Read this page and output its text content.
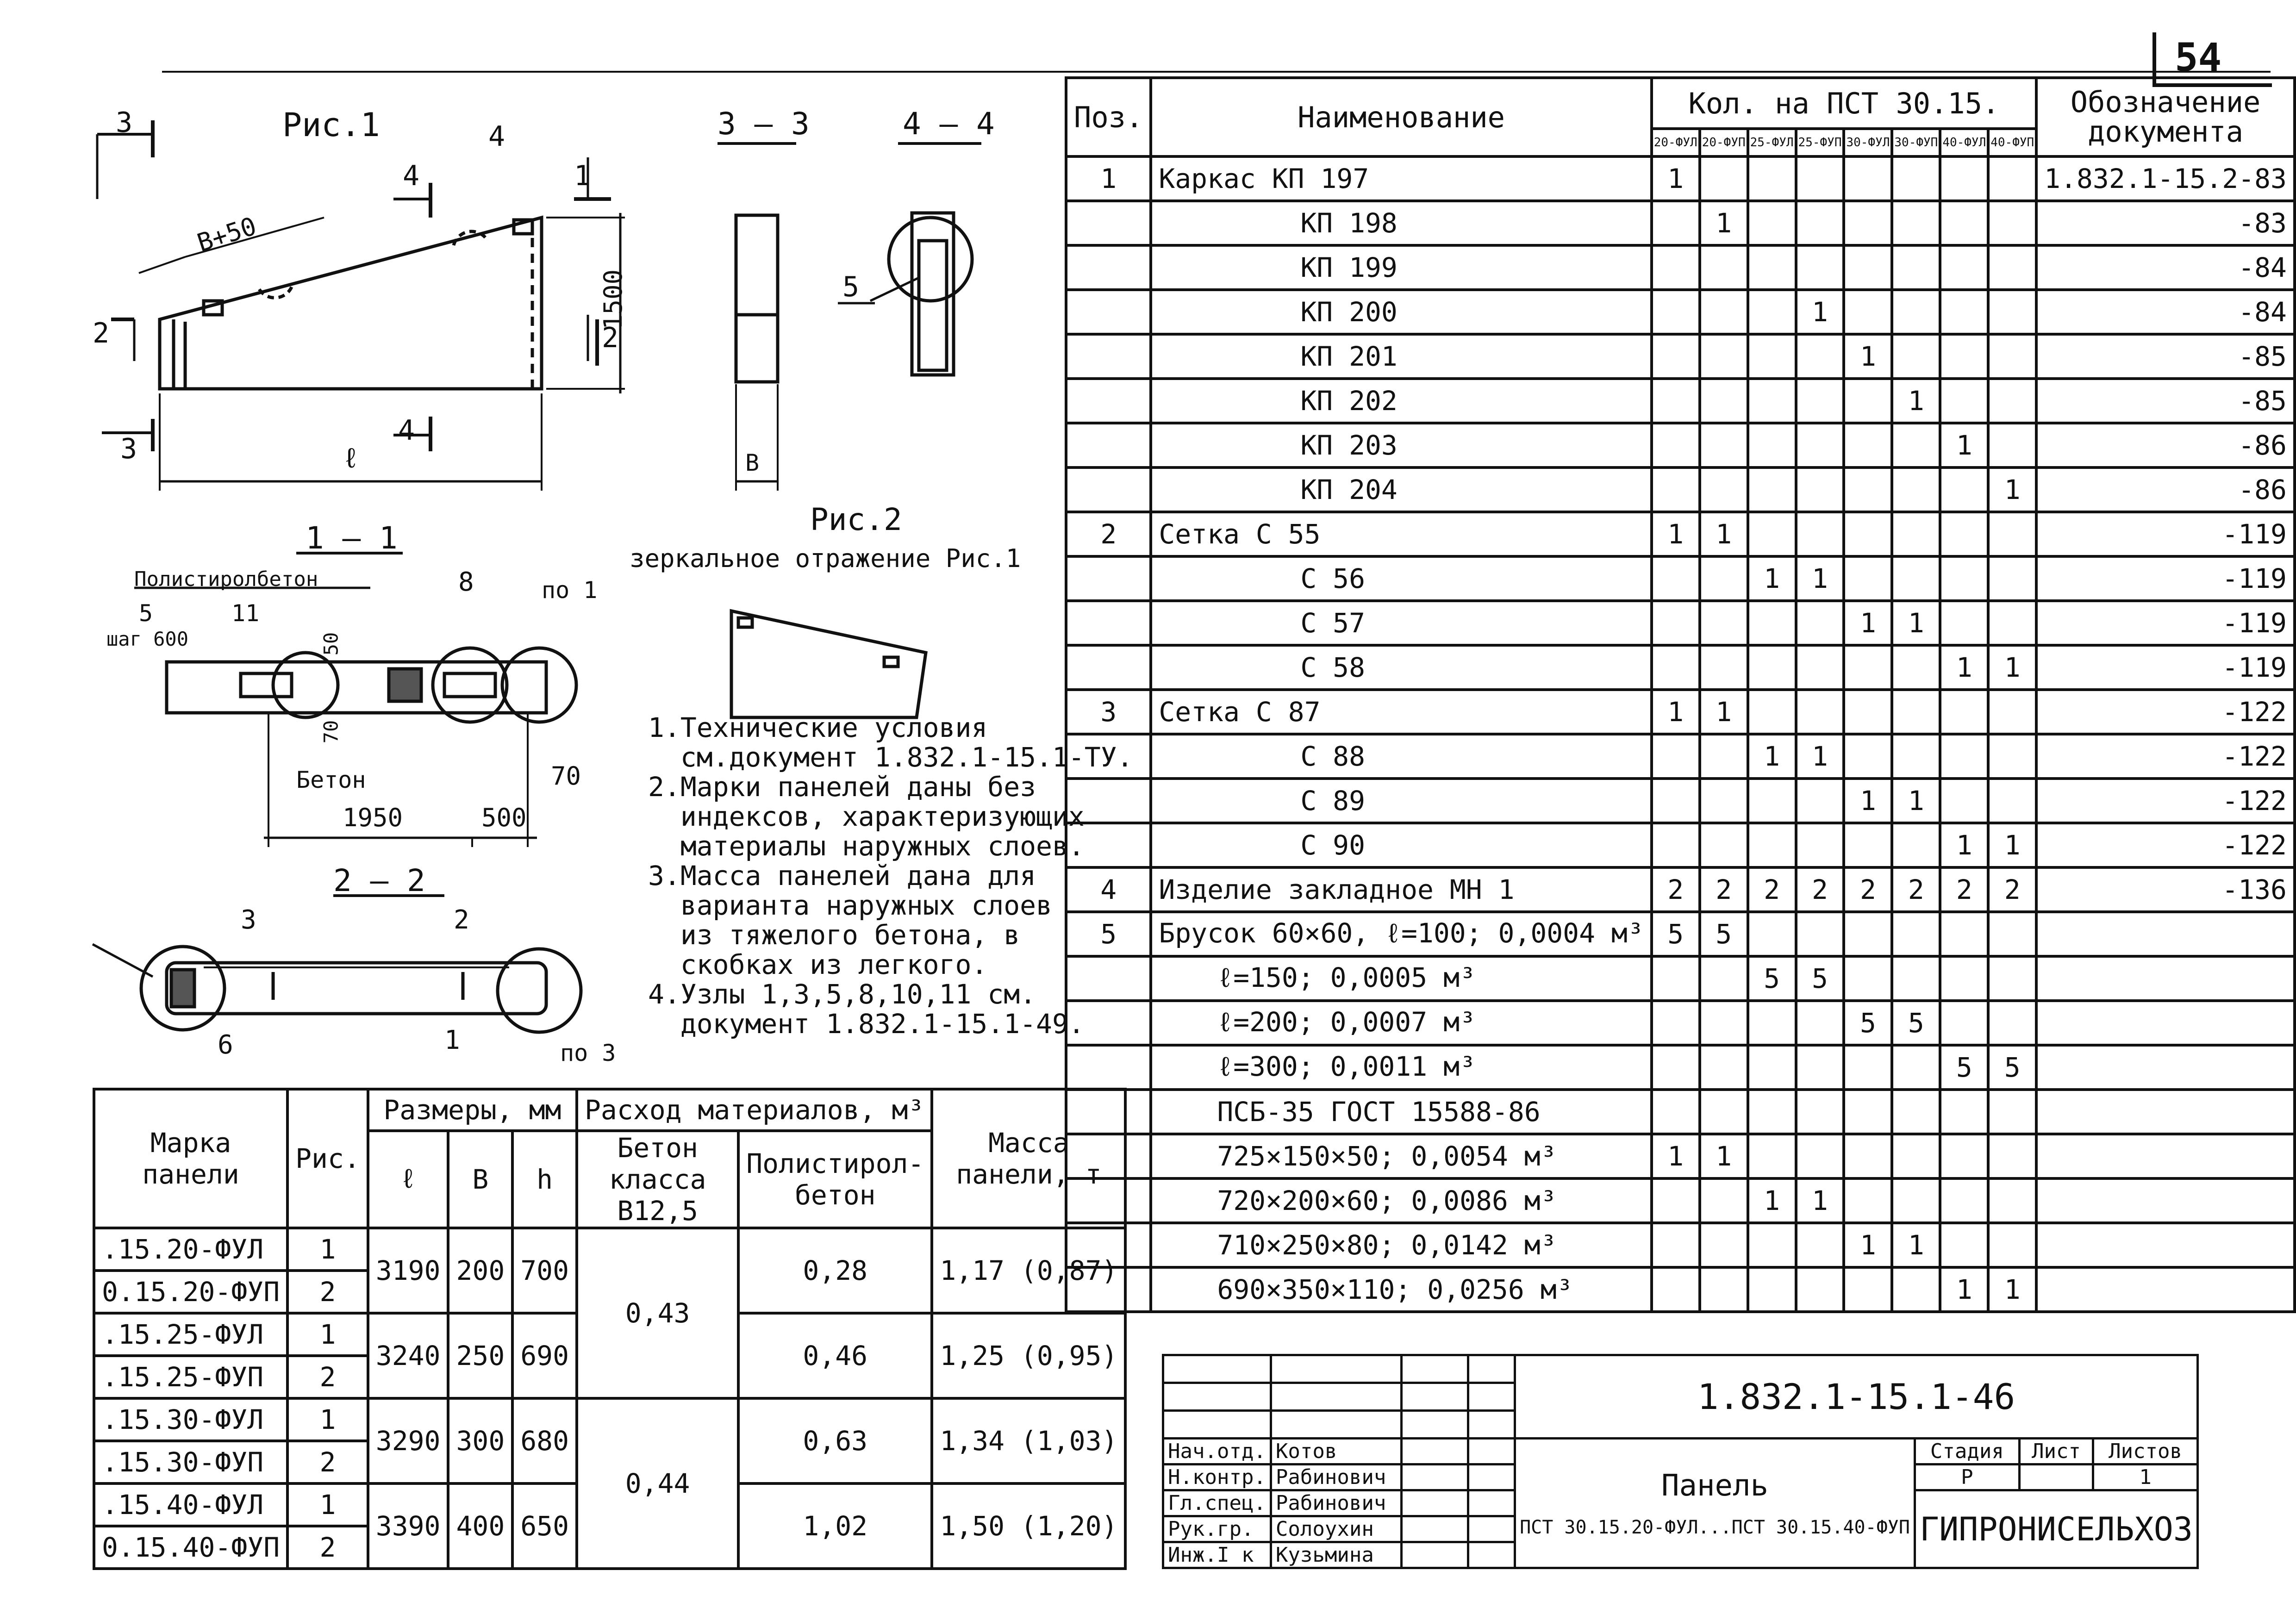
54
Рис.1
3
4	1
2	2
3
4
4
В+50
1500
ℓ
3 — 3
В
4 — 4
5
Рис.2
зеркальное отражение Рис.1
1 — 1
Полистиролбетон
5	11
шаг 600
8	по 1
50
70
Бетон
1950	500
70
2 — 2
3	2
6	1	по 3
1.Технические условия
см.документ 1.832.1-15.1-ТУ.
2.Марки панелей даны без
индексов, характеризующих
материалы наружных слоев.
3.Масса панелей дана для
варианта наружных слоев
из тяжелого бетона, в
скобках из легкого.
4.Узлы 1,3,5,8,10,11 см.
документ 1.832.1-15.1-49.
Поз.	Наименование	Кол. на ПСТ 30.15.								Обозначение документа
		20-ФУЛ	20-ФУП	25-ФУЛ	25-ФУП	30-ФУЛ	30-ФУП	40-ФУЛ	40-ФУП	
1	Каркас КП 197	1								1.832.1-15.2-83
	КП 198		1							-83
	КП 199									-84
	КП 200				1					-84
	КП 201					1				-85
	КП 202						1			-85
	КП 203							1		-86
	КП 204								1	-86
2	Сетка С 55	1	1							-119
	С 56			1	1					-119
	С 57					1	1			-119
	С 58							1	1	-119
3	Сетка С 87	1	1							-122
	С 88			1	1					-122
	С 89					1	1			-122
	С 90							1	1	-122
4	Изделие закладное МН 1	2	2	2	2	2	2	2	2	-136
5	Брусок 60×60, ℓ=100; 0,0004 м³	5	5							
	ℓ=150; 0,0005 м³			5	5					
	ℓ=200; 0,0007 м³					5	5			
	ℓ=300; 0,0011 м³							5	5	
	ПСБ-35 ГОСТ 15588-86									
	725×150×50; 0,0054 м³	1	1							
	720×200×60; 0,0086 м³			1	1					
	710×250×80; 0,0142 м³					1	1			
	690×350×110; 0,0256 м³							1	1	
Марка панели	Рис.	Размеры, мм			Расход материалов, м³		Масса панели, т
		ℓ	В	h	Бетон класса В12,5	Полистирол-бетон	
.15.20-ФУЛ	1	3190	200	700	0,43	0,28	1,17 (0,87)
0.15.20-ФУП	2						
.15.25-ФУЛ	1	3240	250	690		0,46	1,25 (0,95)
.15.25-ФУП	2						
.15.30-ФУЛ	1	3290	300	680	0,44	0,63	1,34 (1,03)
.15.30-ФУП	2						
.15.40-ФУЛ	1	3390	400	650		1,02	1,50 (1,20)
0.15.40-ФУП	2						
				1.832.1-15.1-46			

Нач.отд.	Котов			Панель
ПСТ 30.15.20-ФУЛ...ПСТ 30.15.40-ФУП	Стадия	Лист	Листов
Н.контр.	Рабинович				Р		1
Гл.спец.	Рабинович				ГИПРОНИСЕЛЬХОЗ		
Рук.гр.	Солоухин						
Инж.I к	Кузьмина						
